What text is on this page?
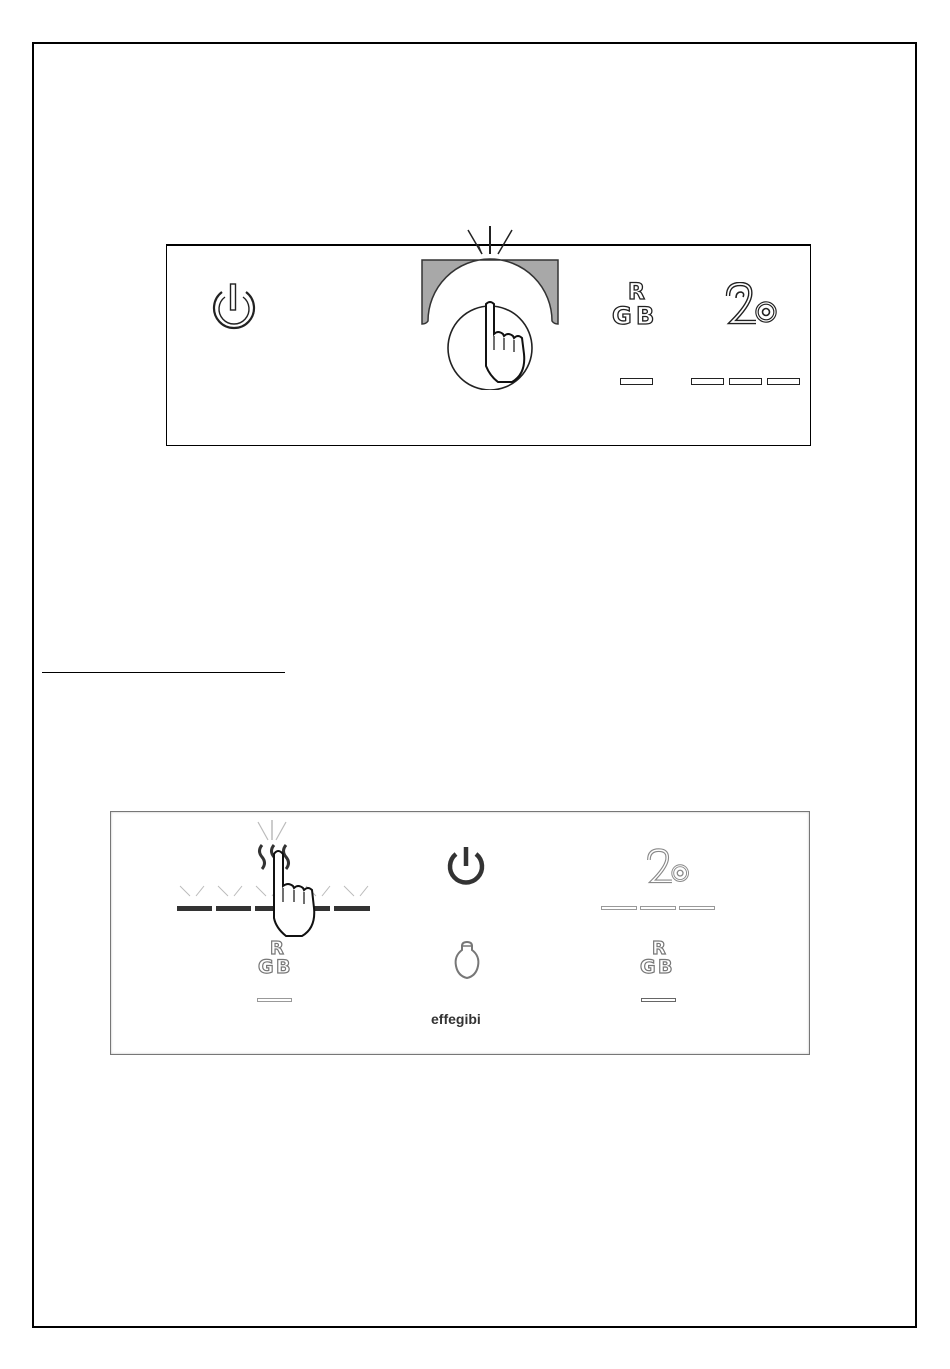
R
G B
R
G B
R
G B
effegibi
